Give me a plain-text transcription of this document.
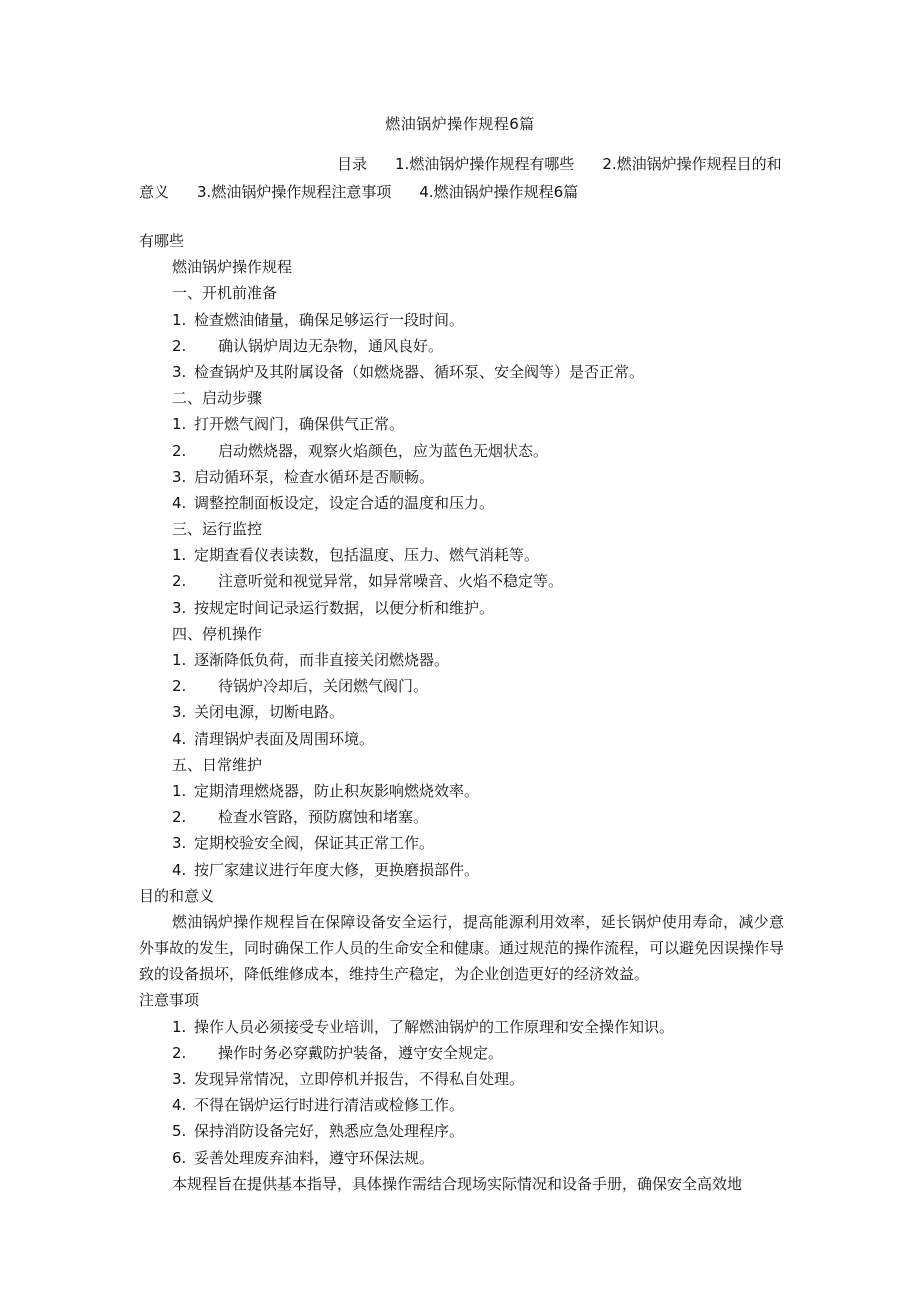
燃油锅炉操作规程6篇
目录 1.燃油锅炉操作规程有哪些 2.燃油锅炉操作规程目的和意义 3.燃油锅炉操作规程注意事项 4.燃油锅炉操作规程6篇
有哪些
燃油锅炉操作规程
一、开机前准备
1. 检查燃油储量，确保足够运行一段时间。
2. 确认锅炉周边无杂物，通风良好。
3. 检查锅炉及其附属设备（如燃烧器、循环泵、安全阀等）是否正常。
二、启动步骤
1. 打开燃气阀门，确保供气正常。
2. 启动燃烧器，观察火焰颜色，应为蓝色无烟状态。
3. 启动循环泵，检查水循环是否顺畅。
4. 调整控制面板设定，设定合适的温度和压力。
三、运行监控
1. 定期查看仪表读数，包括温度、压力、燃气消耗等。
2. 注意听觉和视觉异常，如异常噪音、火焰不稳定等。
3. 按规定时间记录运行数据，以便分析和维护。
四、停机操作
1. 逐渐降低负荷，而非直接关闭燃烧器。
2. 待锅炉冷却后，关闭燃气阀门。
3. 关闭电源，切断电路。
4. 清理锅炉表面及周围环境。
五、日常维护
1. 定期清理燃烧器，防止积灰影响燃烧效率。
2. 检查水管路，预防腐蚀和堵塞。
3. 定期校验安全阀，保证其正常工作。
4. 按厂家建议进行年度大修，更换磨损部件。
目的和意义
燃油锅炉操作规程旨在保障设备安全运行，提高能源利用效率，延长锅炉使用寿命，减少意外事故的发生，同时确保工作人员的生命安全和健康。通过规范的操作流程，可以避免因误操作导致的设备损坏，降低维修成本，维持生产稳定，为企业创造更好的经济效益。
注意事项
1. 操作人员必须接受专业培训，了解燃油锅炉的工作原理和安全操作知识。
2. 操作时务必穿戴防护装备，遵守安全规定。
3. 发现异常情况，立即停机并报告，不得私自处理。
4. 不得在锅炉运行时进行清洁或检修工作。
5. 保持消防设备完好，熟悉应急处理程序。
6. 妥善处理废弃油料，遵守环保法规。
本规程旨在提供基本指导，具体操作需结合现场实际情况和设备手册，确保安全高效地
